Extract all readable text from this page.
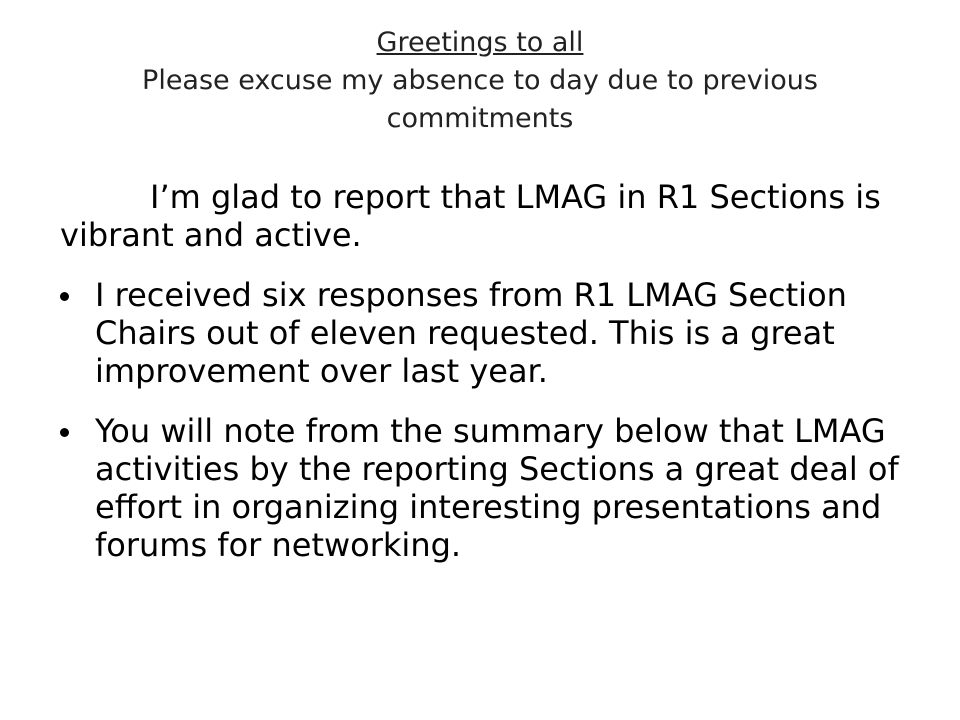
Greetings to all
Please excuse my absence to day due to previous commitments

I’m glad to report that LMAG in R1 Sections is vibrant and active.

I received six responses from R1 LMAG Section Chairs out of eleven requested. This is a great improvement over last year.
You will note from the summary below that LMAG activities by the reporting Sections a great deal of effort in organizing interesting presentations and forums for networking.
